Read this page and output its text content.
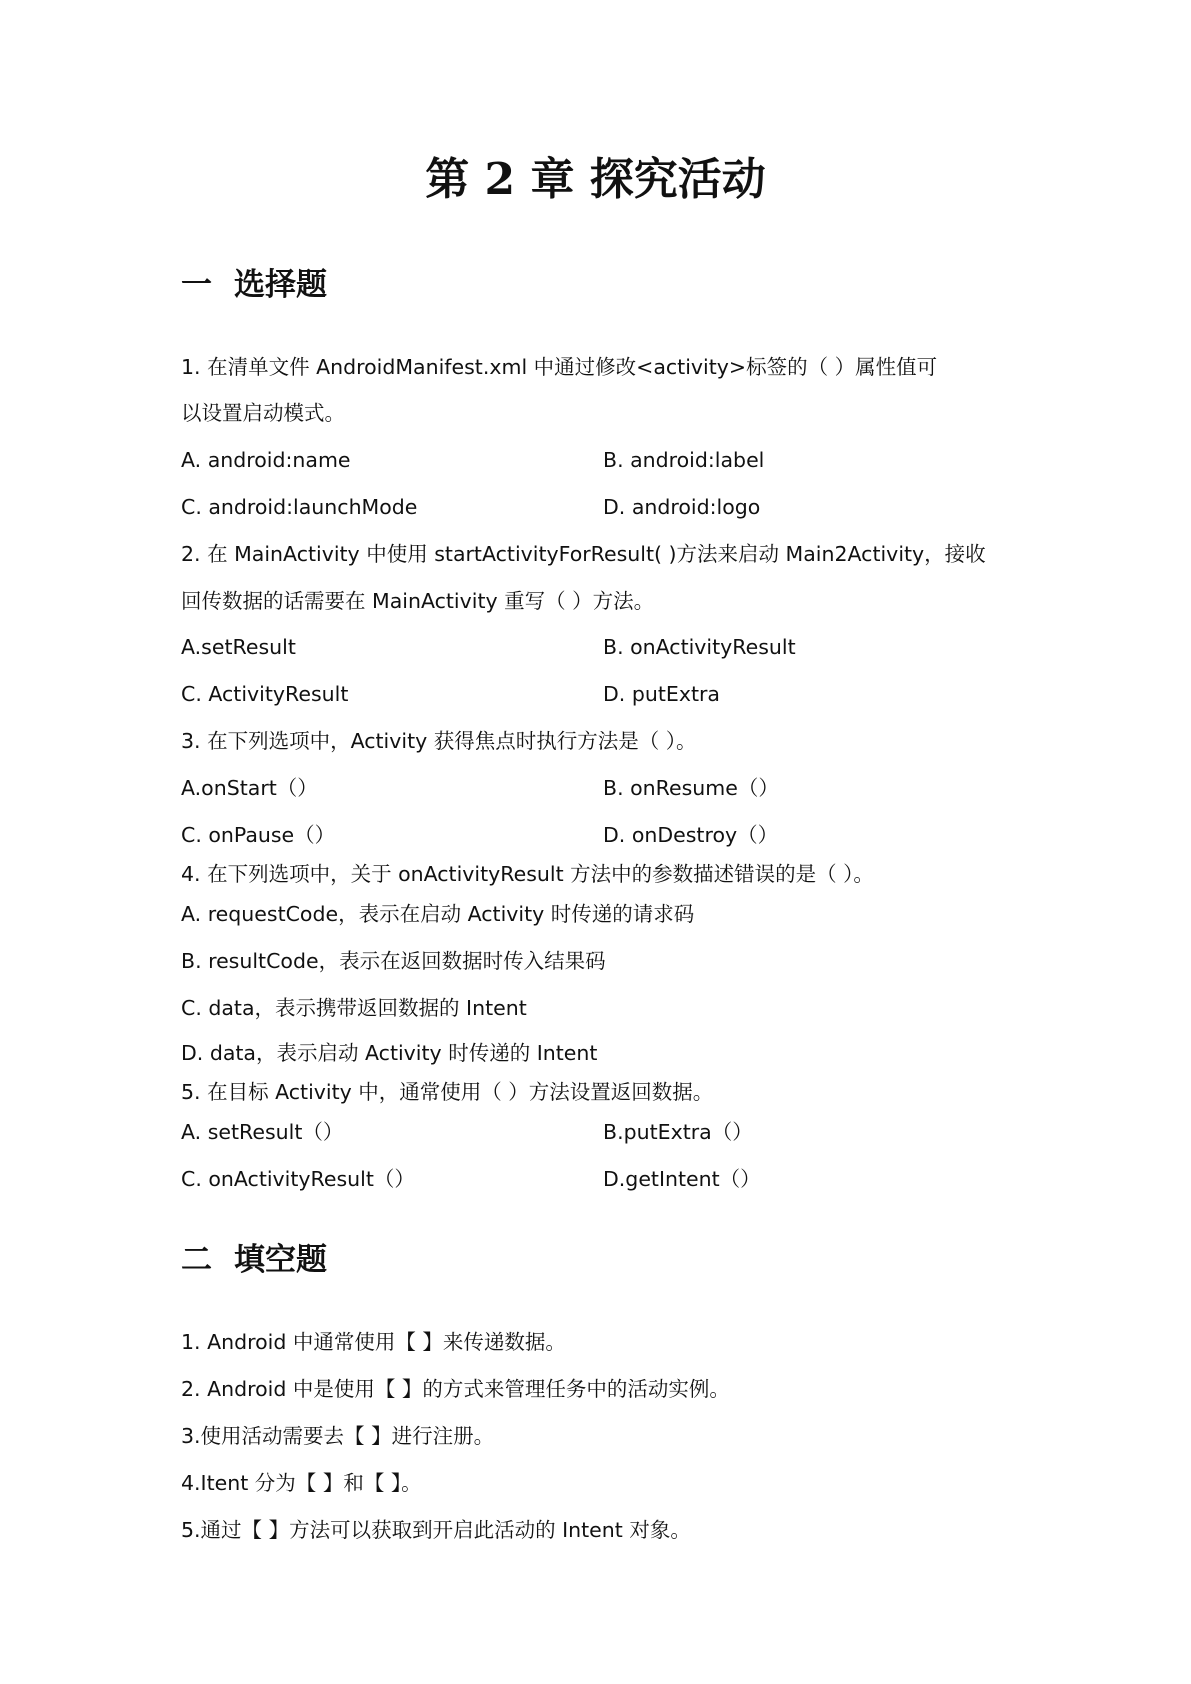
第 2 章 探究活动
一 选择题
1. 在清单文件 AndroidManifest.xml 中通过修改<activity>标签的（ ）属性值可
以设置启动模式。
A. android:name	B. android:label
C. android:launchMode	D. android:logo
2. 在 MainActivity 中使用 startActivityForResult( )方法来启动 Main2Activity，接收
回传数据的话需要在 MainActivity 重写（ ）方法。
A.setResult	B. onActivityResult
C. ActivityResult	D. putExtra
3. 在下列选项中，Activity 获得焦点时执行方法是（ ）。
A.onStart（）	B. onResume（）
C. onPause（）	D. onDestroy（）
4. 在下列选项中，关于 onActivityResult 方法中的参数描述错误的是（ ）。
A. requestCode，表示在启动 Activity 时传递的请求码
B. resultCode，表示在返回数据时传入结果码
C. data，表示携带返回数据的 Intent
D. data，表示启动 Activity 时传递的 Intent
5. 在目标 Activity 中，通常使用（ ）方法设置返回数据。
A. setResult（）	B.putExtra（）
C. onActivityResult（）	D.getIntent（）
二 填空题
1. Android 中通常使用【 】来传递数据。
2. Android 中是使用【 】的方式来管理任务中的活动实例。
3.使用活动需要去【 】进行注册。
4.Itent 分为【 】和【 】。
5.通过【 】方法可以获取到开启此活动的 Intent 对象。
